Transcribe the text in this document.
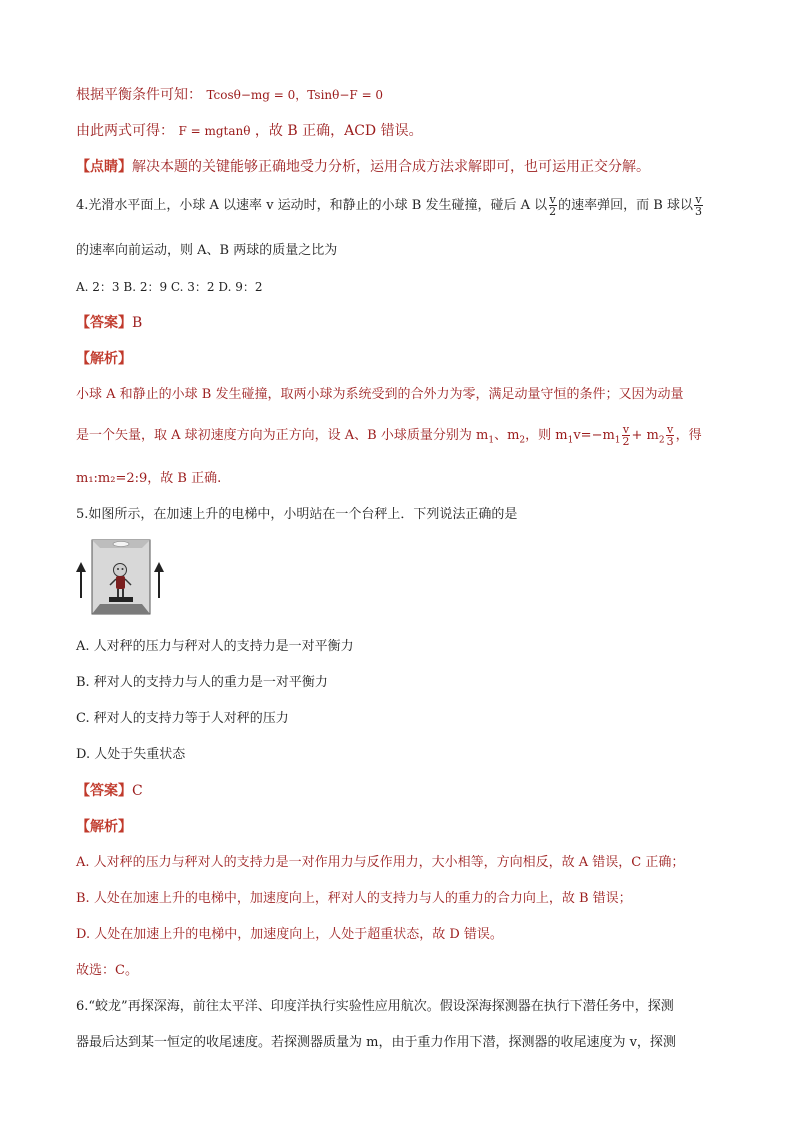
根据平衡条件可知： Tcosθ−mg = 0，Tsinθ−F = 0
由此两式可得： F = mgtanθ ，故 B 正确，ACD 错误。
【点睛】解决本题的关键能够正确地受力分析，运用合成方法求解即可，也可运用正交分解。
4.光滑水平面上，小球 A 以速率 v 运动时，和静止的小球 B 发生碰撞，碰后 A 以 $\frac{v}{2}$ 的速率弹回，而 B 球以 $\frac{v}{3}$
的速率向前运动，则 A、B 两球的质量之比为
A. 2：3 B. 2：9 C. 3：2 D. 9：2
【答案】B
【解析】
小球 A 和静止的小球 B 发生碰撞，取两小球为系统受到的合外力为零，满足动量守恒的条件；又因为动量
是一个矢量，取 A 球初速度方向为正方向，设 A、B 小球质量分别为 $m_1$、$m_2$，则 $m_1v=-m_1 \frac{v}{2} + m_2 \frac{v}{3}$ ，得
m₁:m₂=2:9，故 B 正确.
5.如图所示，在加速上升的电梯中，小明站在一个台秤上．下列说法正确的是
A. 人对秤的压力与秤对人的支持力是一对平衡力
B. 秤对人的支持力与人的重力是一对平衡力
C. 秤对人的支持力等于人对秤的压力
D. 人处于失重状态
【答案】C
【解析】
A. 人对秤的压力与秤对人的支持力是一对作用力与反作用力，大小相等，方向相反，故 A 错误，C 正确；
B. 人处在加速上升的电梯中，加速度向上，秤对人的支持力与人的重力的合力向上，故 B 错误；
D. 人处在加速上升的电梯中，加速度向上，人处于超重状态，故 D 错误。
故选：C。
6.“蛟龙”再探深海，前往太平洋、印度洋执行实验性应用航次。假设深海探测器在执行下潜任务中，探测
器最后达到某一恒定的收尾速度。若探测器质量为 m，由于重力作用下潜，探测器的收尾速度为 v，探测
